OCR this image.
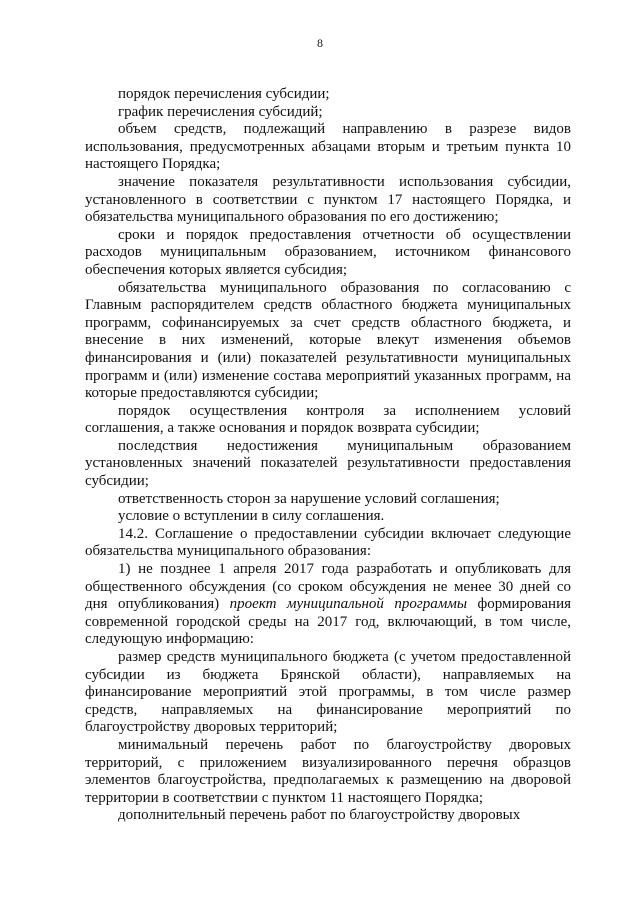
8

порядок перечисления субсидии;

график перечисления субсидий;

объем средств, подлежащий направлению в разрезе видов использования, предусмотренных абзацами вторым и третьим пункта 10 настоящего Порядка;

значение показателя результативности использования субсидии, установленного в соответствии с пунктом 17 настоящего Порядка, и обязательства муниципального образования по его достижению;

сроки и порядок предоставления отчетности об осуществлении расходов муниципальным образованием, источником финансового обеспечения которых является субсидия;

обязательства муниципального образования по согласованию с Главным распорядителем средств областного бюджета муниципальных программ, софинансируемых за счет средств областного бюджета, и внесение в них изменений, которые влекут изменения объемов финансирования и (или) показателей результативности муниципальных программ и (или) изменение состава мероприятий указанных программ, на которые предоставляются субсидии;

порядок осуществления контроля за исполнением условий соглашения, а также основания и порядок возврата субсидии;

последствия недостижения муниципальным образованием установленных значений показателей результативности предоставления субсидии;

ответственность сторон за нарушение условий соглашения;

условие о вступлении в силу соглашения.

14.2. Соглашение о предоставлении субсидии включает следующие обязательства муниципального образования:

1) не позднее 1 апреля 2017 года разработать и опубликовать для общественного обсуждения (со сроком обсуждения не менее 30 дней со дня опубликования) проект муниципальной программы формирования современной городской среды на 2017 год, включающий, в том числе, следующую информацию:

размер средств муниципального бюджета (с учетом предоставленной субсидии из бюджета Брянской области), направляемых на финансирование мероприятий этой программы, в том числе размер средств, направляемых на финансирование мероприятий по благоустройству дворовых территорий;

минимальный перечень работ по благоустройству дворовых территорий, с приложением визуализированного перечня образцов элементов благоустройства, предполагаемых к размещению на дворовой территории в соответствии с пунктом 11 настоящего Порядка;

дополнительный перечень работ по благоустройству дворовых
